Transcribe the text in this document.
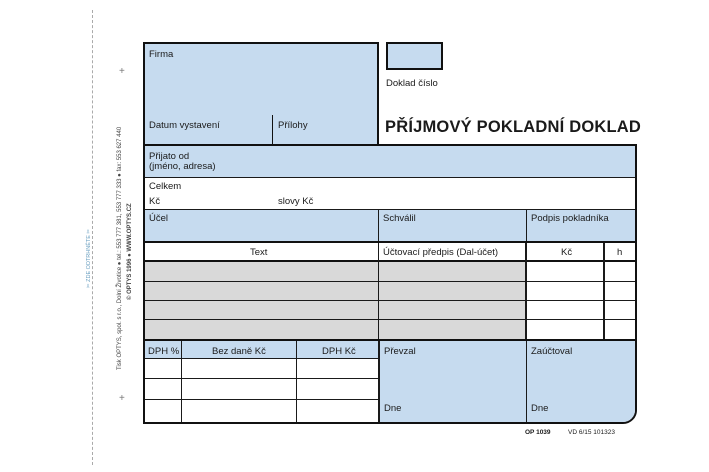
✂ ZDE ODTRHNĚTE ✂
+
+
Tisk OPTYS, spol. s r.o., Dolní Životice ● tel.: 553 777 381, 553 777 333 ● fax: 553 627 440 © OPTYS 1996 ● WWW.OPTYS.CZ
Firma
Datum vystavení	Přílohy
Doklad číslo
PŘÍJMOVÝ POKLADNÍ DOKLAD
Přijato od
(jméno, adresa)
Celkem
Kč	slovy Kč
Účel	Schválil	Podpis pokladníka
Text	Účtovací předpis (Dal-účet)	Kč	h
DPH %	Bez daně Kč	DPH Kč	Převzal
Dne
Zaúčtoval
Dne
OP 1039	VD 6/15 101323
